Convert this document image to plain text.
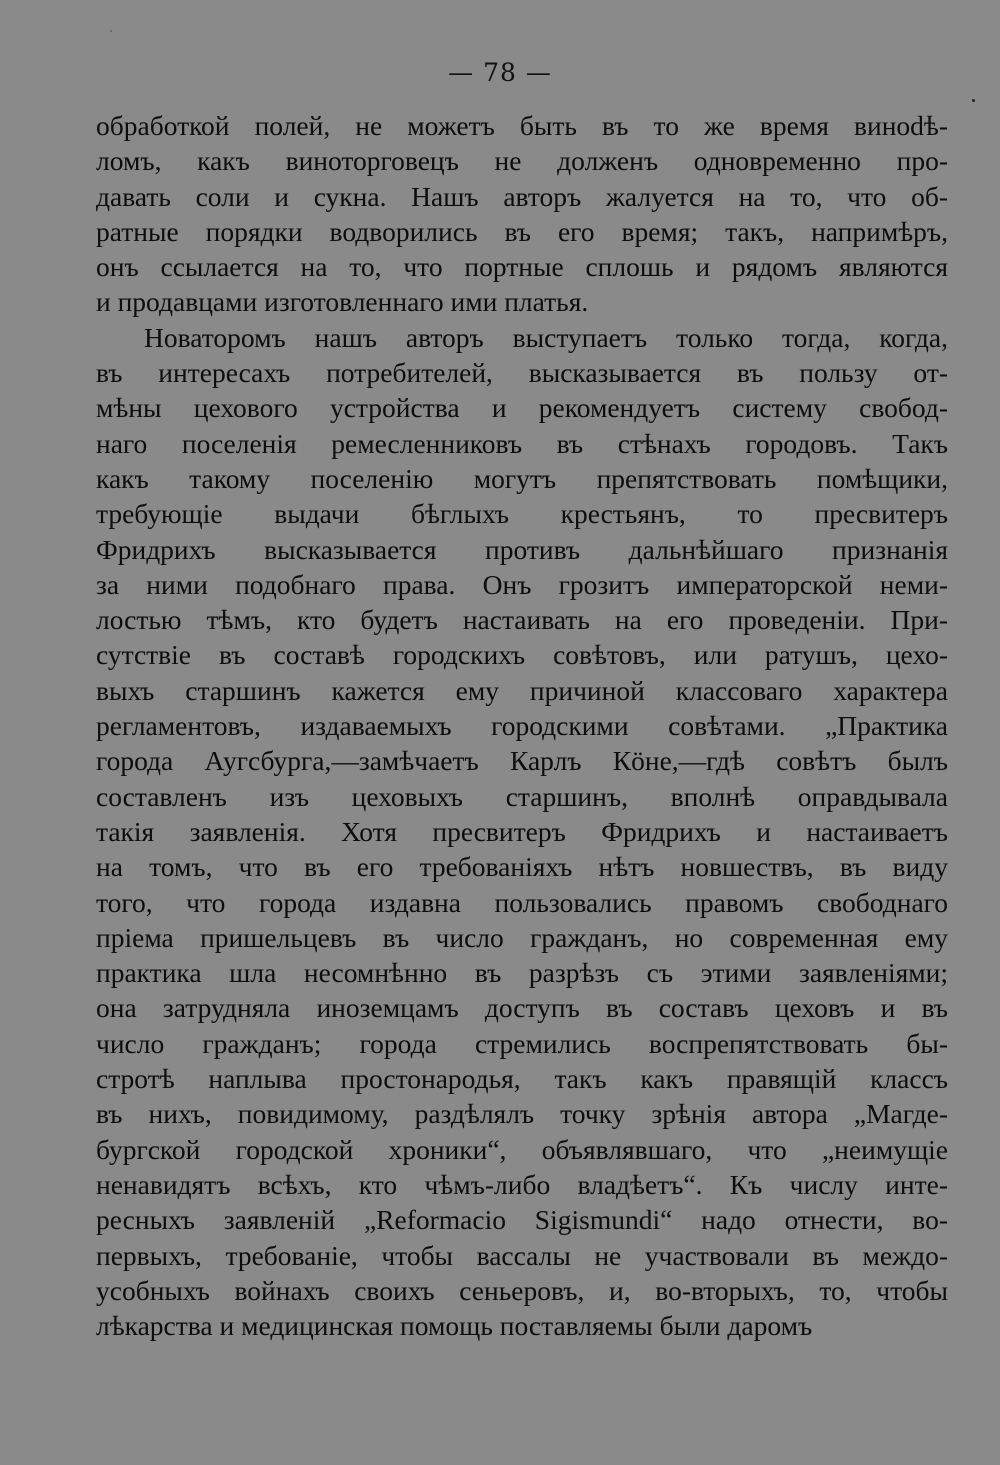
— 78 —
обработкой полей, не можетъ быть въ то же время виноdѣ-
ломъ, какъ виноторговецъ не долженъ одновременно про-
давать соли и сукна. Нашъ авторъ жалуется на то, что об-
ратные порядки водворились въ его время; такъ, напримѣръ,
онъ ссылается на то, что портные сплошь и рядомъ являются
и продавцами изготовленнаго ими платья.
Новаторомъ нашъ авторъ выступаетъ только тогда, когда,
въ интересахъ потребителей, высказывается въ пользу от-
мѣны цехового устройства и рекомендуетъ систему свобод-
наго поселенія ремесленниковъ въ стѣнахъ городовъ. Такъ
какъ такому поселенію могутъ препятствовать помѣщики,
требующіе выдачи бѣглыхъ крестьянъ, то пресвитеръ
Фридрихъ высказывается противъ дальнѣйшаго признанія
за ними подобнаго права. Онъ грозитъ императорской неми-
лостью тѣмъ, кто будетъ настаивать на его проведеніи. При-
сутствіе въ составѣ городскихъ совѣтовъ, или ратушъ, цехо-
выхъ старшинъ кажется ему причиной классоваго характера
регламентовъ, издаваемыхъ городскими совѣтами. „Практика
города Аугсбурга,—замѣчаетъ Карлъ Кöне,—гдѣ совѣтъ былъ
составленъ изъ цеховыхъ старшинъ, вполнѣ оправдывала
такія заявленія. Хотя пресвитеръ Фридрихъ и настаиваетъ
на томъ, что въ его требованіяхъ нѣтъ новшествъ, въ виду
того, что города издавна пользовались правомъ свободнаго
пріема пришельцевъ въ число гражданъ, но современная ему
практика шла несомнѣнно въ разрѣзъ съ этими заявленіями;
она затрудняла иноземцамъ доступъ въ составъ цеховъ и въ
число гражданъ; города стремились воспрепятствовать бы-
стротѣ наплыва простонародья, такъ какъ правящій классъ
въ нихъ, повидимому, раздѣлялъ точку зрѣнія автора „Магде-
бургской городской хроники“, объявлявшаго, что „неимущіе
ненавидятъ всѣхъ, кто чѣмъ-либо владѣетъ“. Къ числу инте-
ресныхъ заявленій „Reformacio Sigismundi“ надо отнести, во-
первыхъ, требованіе, чтобы вассалы не участвовали въ междо-
усобныхъ войнахъ своихъ сеньеровъ, и, во-вторыхъ, то, чтобы
лѣкарства и медицинская помощь поставляемы были даромъ
